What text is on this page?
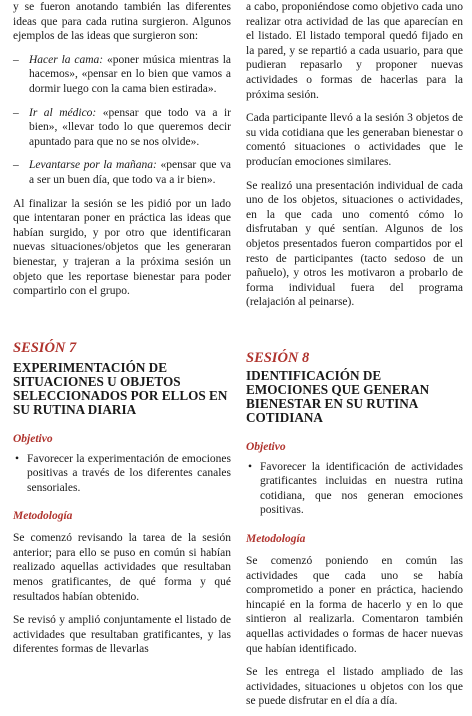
y se fueron anotando también las diferentes ideas que para cada rutina surgieron. Algunos ejemplos de las ideas que surgieron son:

– Hacer la cama: «poner música mientras la hacemos», «pensar en lo bien que vamos a dormir luego con la cama bien estirada».
– Ir al médico: «pensar que todo va a ir bien», «llevar todo lo que queremos decir apuntado para que no se nos olvide».
– Levantarse por la mañana: «pensar que va a ser un buen día, que todo va a ir bien».

Al finalizar la sesión se les pidió por un lado que intentaran poner en práctica las ideas que habían surgido, y por otro que identificaran nuevas situaciones/objetos que les generaran bienestar, y trajeran a la próxima sesión un objeto que les reportase bienestar para poder compartirlo con el grupo.

SESIÓN 7
EXPERIMENTACIÓN DE SITUACIONES U OBJETOS SELECCIONADOS POR ELLOS EN SU RUTINA DIARIA
Objetivo

• Favorecer la experimentación de emociones positivas a través de los diferentes canales sensoriales.

Metodología

Se comenzó revisando la tarea de la sesión anterior; para ello se puso en común si habían realizado aquellas actividades que resultaban menos gratificantes, de qué forma y qué resultados habían obtenido.

Se revisó y amplió conjuntamente el listado de actividades que resultaban gratificantes, y las diferentes formas de llevarlas

a cabo, proponiéndose como objetivo cada uno realizar otra actividad de las que aparecían en el listado. El listado temporal quedó fijado en la pared, y se repartió a cada usuario, para que pudieran repasarlo y proponer nuevas actividades o formas de hacerlas para la próxima sesión.

Cada participante llevó a la sesión 3 objetos de su vida cotidiana que les generaban bienestar o comentó situaciones o actividades que le producían emociones similares.

Se realizó una presentación individual de cada uno de los objetos, situaciones o actividades, en la que cada uno comentó cómo lo disfrutaban y qué sentían. Algunos de los objetos presentados fueron compartidos por el resto de participantes (tacto sedoso de un pañuelo), y otros les motivaron a probarlo de forma individual fuera del programa (relajación al peinarse).

SESIÓN 8
IDENTIFICACIÓN DE EMOCIONES QUE GENERAN BIENESTAR EN SU RUTINA COTIDIANA
Objetivo

• Favorecer la identificación de actividades gratificantes incluidas en nuestra rutina cotidiana, que nos generan emociones positivas.

Metodología

Se comenzó poniendo en común las actividades que cada uno se había comprometido a poner en práctica, haciendo hincapié en la forma de hacerlo y en lo que sintieron al realizarla. Comentaron también aquellas actividades o formas de hacer nuevas que habían identificado.

Se les entrega el listado ampliado de las actividades, situaciones u objetos con los que se puede disfrutar en el día a día.
